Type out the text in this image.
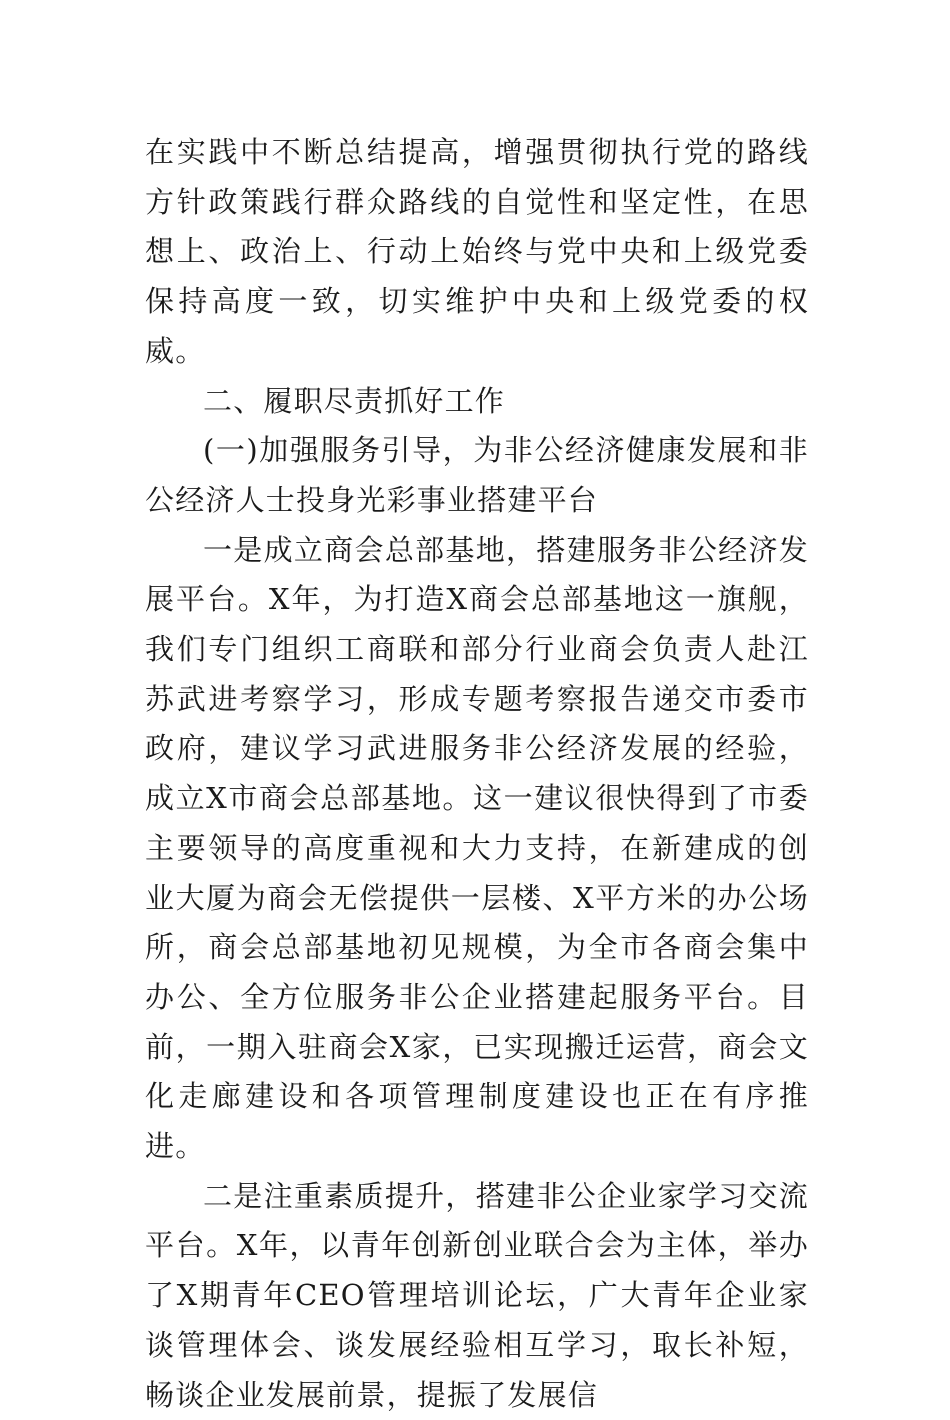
在实践中不断总结提高，增强贯彻执行党的路线方针政策践行群众路线的自觉性和坚定性，在思想上、政治上、行动上始终与党中央和上级党委保持高度一致，切实维护中央和上级党委的权威。

二、履职尽责抓好工作

(一)加强服务引导，为非公经济健康发展和非公经济人士投身光彩事业搭建平台

一是成立商会总部基地，搭建服务非公经济发展平台。X年，为打造X商会总部基地这一旗舰，我们专门组织工商联和部分行业商会负责人赴江苏武进考察学习，形成专题考察报告递交市委市政府，建议学习武进服务非公经济发展的经验，成立X市商会总部基地。这一建议很快得到了市委主要领导的高度重视和大力支持，在新建成的创业大厦为商会无偿提供一层楼、X平方米的办公场所，商会总部基地初见规模，为全市各商会集中办公、全方位服务非公企业搭建起服务平台。目前，一期入驻商会X家，已实现搬迁运营，商会文化走廊建设和各项管理制度建设也正在有序推进。

二是注重素质提升，搭建非公企业家学习交流平台。X年，以青年创新创业联合会为主体，举办了X期青年CEO管理培训论坛，广大青年企业家谈管理体会、谈发展经验相互学习，取长补短，畅谈企业发展前景，提振了发展信
